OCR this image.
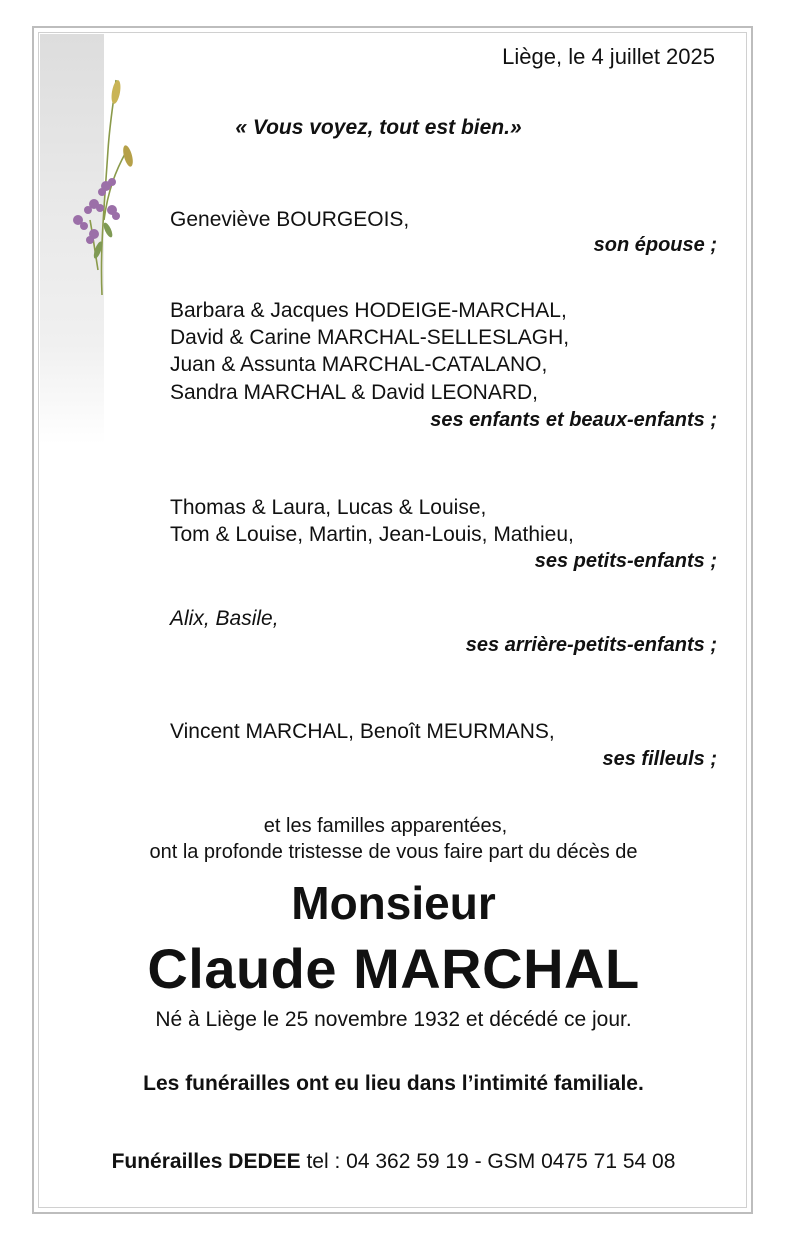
Liège, le 4 juillet 2025

« Vous voyez, tout est bien.»

Geneviève BOURGEOIS,

son épouse ;

Barbara & Jacques HODEIGE-MARCHAL,

David & Carine MARCHAL-SELLESLAGH,

Juan & Assunta MARCHAL-CATALANO,

Sandra MARCHAL & David LEONARD,

ses enfants et beaux-enfants ;

Thomas & Laura, Lucas & Louise,

Tom & Louise, Martin, Jean-Louis, Mathieu,

ses petits-enfants ;

Alix, Basile,

ses arrière-petits-enfants ;

Vincent MARCHAL, Benoît MEURMANS,

ses filleuls ;

et les familles apparentées,
ont la profonde tristesse de vous faire part du décès de

Monsieur

Claude MARCHAL

Né à Liège le 25 novembre 1932 et décédé ce jour.

Les funérailles ont eu lieu dans l’intimité familiale.

Funérailles DEDEE tel : 04 362 59 19 - GSM 0475 71 54 08
